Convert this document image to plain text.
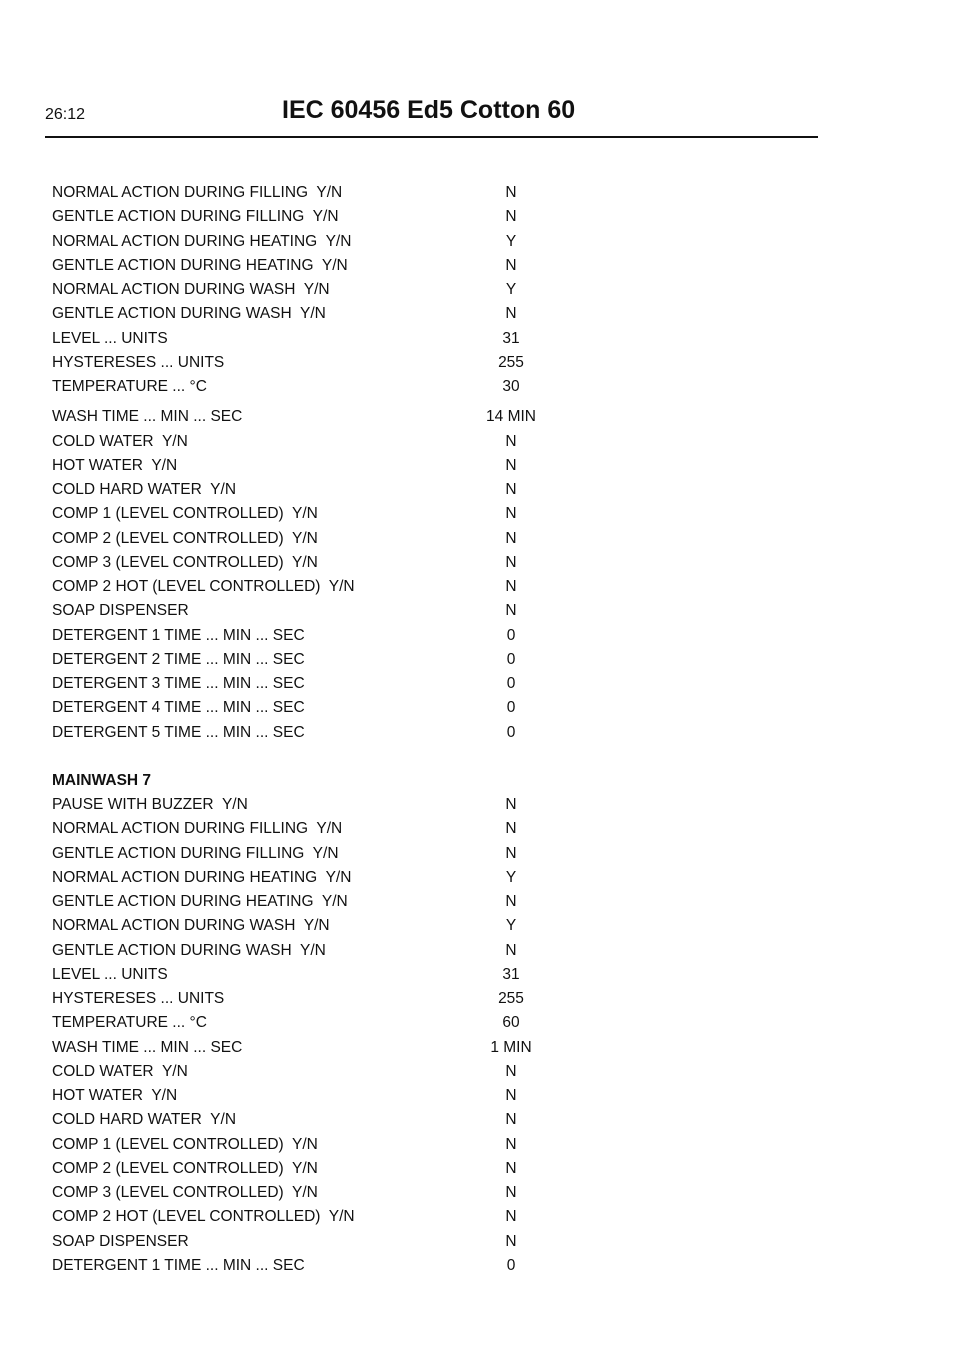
26:12	IEC 60456 Ed5 Cotton 60
NORMAL ACTION DURING FILLING  Y/N	N
GENTLE ACTION DURING FILLING  Y/N	N
NORMAL ACTION DURING HEATING  Y/N	Y
GENTLE ACTION DURING HEATING  Y/N	N
NORMAL ACTION DURING WASH  Y/N	Y
GENTLE ACTION DURING WASH  Y/N	N
LEVEL ... UNITS	31
HYSTERESES ... UNITS	255
TEMPERATURE ... °C	30
WASH TIME ... MIN ... SEC	14 MIN
COLD WATER  Y/N	N
HOT WATER  Y/N	N
COLD HARD WATER  Y/N	N
COMP 1 (LEVEL CONTROLLED)  Y/N	N
COMP 2 (LEVEL CONTROLLED)  Y/N	N
COMP 3 (LEVEL CONTROLLED)  Y/N	N
COMP 2 HOT (LEVEL CONTROLLED)  Y/N	N
SOAP DISPENSER	N
DETERGENT 1 TIME ... MIN ... SEC	0
DETERGENT 2 TIME ... MIN ... SEC	0
DETERGENT 3 TIME ... MIN ... SEC	0
DETERGENT 4 TIME ... MIN ... SEC	0
DETERGENT 5 TIME ... MIN ... SEC	0
MAINWASH 7
PAUSE WITH BUZZER  Y/N	N
NORMAL ACTION DURING FILLING  Y/N	N
GENTLE ACTION DURING FILLING  Y/N	N
NORMAL ACTION DURING HEATING  Y/N	Y
GENTLE ACTION DURING HEATING  Y/N	N
NORMAL ACTION DURING WASH  Y/N	Y
GENTLE ACTION DURING WASH  Y/N	N
LEVEL ... UNITS	31
HYSTERESES ... UNITS	255
TEMPERATURE ... °C	60
WASH TIME ... MIN ... SEC	1 MIN
COLD WATER  Y/N	N
HOT WATER  Y/N	N
COLD HARD WATER  Y/N	N
COMP 1 (LEVEL CONTROLLED)  Y/N	N
COMP 2 (LEVEL CONTROLLED)  Y/N	N
COMP 3 (LEVEL CONTROLLED)  Y/N	N
COMP 2 HOT (LEVEL CONTROLLED)  Y/N	N
SOAP DISPENSER	N
DETERGENT 1 TIME ... MIN ... SEC	0
